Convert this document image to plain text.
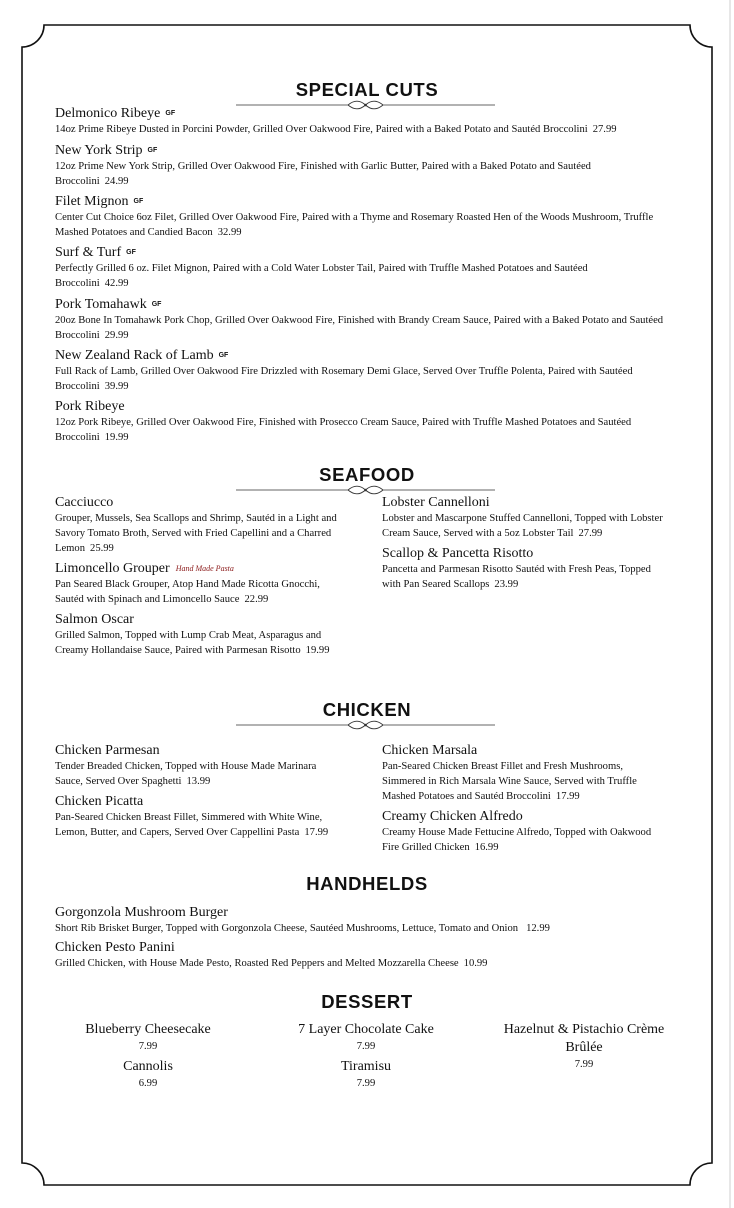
SPECIAL CUTS
Delmonico Ribeye GF
14oz Prime Ribeye Dusted in Porcini Powder, Grilled Over Oakwood Fire, Paired with a Baked Potato and Sautéd Broccolini 27.99
New York Strip GF
12oz Prime New York Strip, Grilled Over Oakwood Fire, Finished with Garlic Butter, Paired with a Baked Potato and Sautéed Broccolini 24.99
Filet Mignon GF
Center Cut Choice 6oz Filet, Grilled Over Oakwood Fire, Paired with a Thyme and Rosemary Roasted Hen of the Woods Mushroom, Truffle Mashed Potatoes and Candied Bacon 32.99
Surf & Turf GF
Perfectly Grilled 6 oz. Filet Mignon, Paired with a Cold Water Lobster Tail, Paired with Truffle Mashed Potatoes and Sautéed Broccolini 42.99
Pork Tomahawk GF
20oz Bone In Tomahawk Pork Chop, Grilled Over Oakwood Fire, Finished with Brandy Cream Sauce, Paired with a Baked Potato and Sautéed Broccolini 29.99
New Zealand Rack of Lamb GF
Full Rack of Lamb, Grilled Over Oakwood Fire Drizzled with Rosemary Demi Glace, Served Over Truffle Polenta, Paired with Sautéed Broccolini 39.99
Pork Ribeye
12oz Pork Ribeye, Grilled Over Oakwood Fire, Finished with Prosecco Cream Sauce, Paired with Truffle Mashed Potatoes and Sautéed Broccolini 19.99
SEAFOOD
Cacciucco
Grouper, Mussels, Sea Scallops and Shrimp, Sautéd in a Light and Savory Tomato Broth, Served with Fried Capellini and a Charred Lemon 25.99
Limoncello Grouper Hand Made Pasta
Pan Seared Black Grouper, Atop Hand Made Ricotta Gnocchi, Sautéd with Spinach and Limoncello Sauce 22.99
Salmon Oscar
Grilled Salmon, Topped with Lump Crab Meat, Asparagus and Creamy Hollandaise Sauce, Paired with Parmesan Risotto 19.99
Lobster Cannelloni
Lobster and Mascarpone Stuffed Cannelloni, Topped with Lobster Cream Sauce, Served with a 5oz Lobster Tail 27.99
Scallop & Pancetta Risotto
Pancetta and Parmesan Risotto Sautéd with Fresh Peas, Topped with Pan Seared Scallops 23.99
CHICKEN
Chicken Parmesan
Tender Breaded Chicken, Topped with House Made Marinara Sauce, Served Over Spaghetti 13.99
Chicken Picatta
Pan-Seared Chicken Breast Fillet, Simmered with White Wine, Lemon, Butter, and Capers, Served Over Cappellini Pasta 17.99
Chicken Marsala
Pan-Seared Chicken Breast Fillet and Fresh Mushrooms, Simmered in Rich Marsala Wine Sauce, Served with Truffle Mashed Potatoes and Sautéd Broccolini 17.99
Creamy Chicken Alfredo
Creamy House Made Fettucine Alfredo, Topped with Oakwood Fire Grilled Chicken 16.99
HANDHELDS
Gorgonzola Mushroom Burger
Short Rib Brisket Burger, Topped with Gorgonzola Cheese, Sautéed Mushrooms, Lettuce, Tomato and Onion 12.99
Chicken Pesto Panini
Grilled Chicken, with House Made Pesto, Roasted Red Peppers and Melted Mozzarella Cheese 10.99
DESSERT
Blueberry Cheesecake
7.99
7 Layer Chocolate Cake
7.99
Hazelnut & Pistachio Crème Brûlée
7.99
Cannolis
6.99
Tiramisu
7.99
